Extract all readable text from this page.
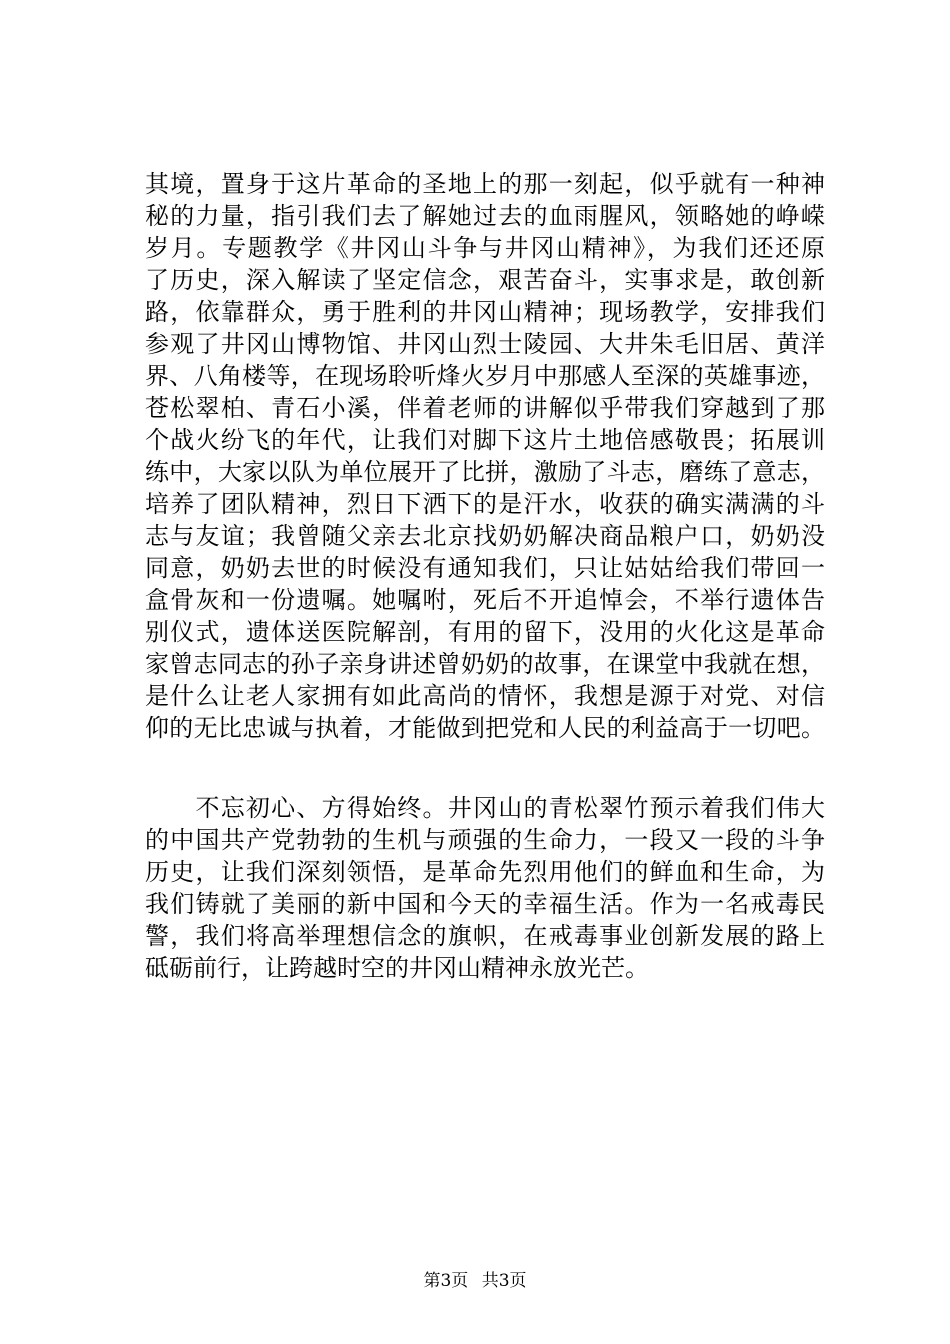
其境，置身于这片革命的圣地上的那一刻起，似乎就有一种神
秘的力量，指引我们去了解她过去的血雨腥风，领略她的峥嵘
岁月。专题教学《井冈山斗争与井冈山精神》，为我们还还原
了历史，深入解读了坚定信念，艰苦奋斗，实事求是，敢创新
路，依靠群众，勇于胜利的井冈山精神；现场教学，安排我们
参观了井冈山博物馆、井冈山烈士陵园、大井朱毛旧居、黄洋
界、八角楼等，在现场聆听烽火岁月中那感人至深的英雄事迹，
苍松翠柏、青石小溪，伴着老师的讲解似乎带我们穿越到了那
个战火纷飞的年代，让我们对脚下这片土地倍感敬畏；拓展训
练中，大家以队为单位展开了比拼，激励了斗志，磨练了意志，
培养了团队精神，烈日下洒下的是汗水，收获的确实满满的斗
志与友谊；我曾随父亲去北京找奶奶解决商品粮户口，奶奶没
同意，奶奶去世的时候没有通知我们，只让姑姑给我们带回一
盒骨灰和一份遗嘱。她嘱咐，死后不开追悼会，不举行遗体告
别仪式，遗体送医院解剖，有用的留下，没用的火化这是革命
家曾志同志的孙子亲身讲述曾奶奶的故事，在课堂中我就在想，
是什么让老人家拥有如此高尚的情怀，我想是源于对党、对信
仰的无比忠诚与执着，才能做到把党和人民的利益高于一切吧。
　　不忘初心、方得始终。井冈山的青松翠竹预示着我们伟大
的中国共产党勃勃的生机与顽强的生命力，一段又一段的斗争
历史，让我们深刻领悟，是革命先烈用他们的鲜血和生命，为
我们铸就了美丽的新中国和今天的幸福生活。作为一名戒毒民
警，我们将高举理想信念的旗帜，在戒毒事业创新发展的路上
砥砺前行，让跨越时空的井冈山精神永放光芒。
第3页 共3页
